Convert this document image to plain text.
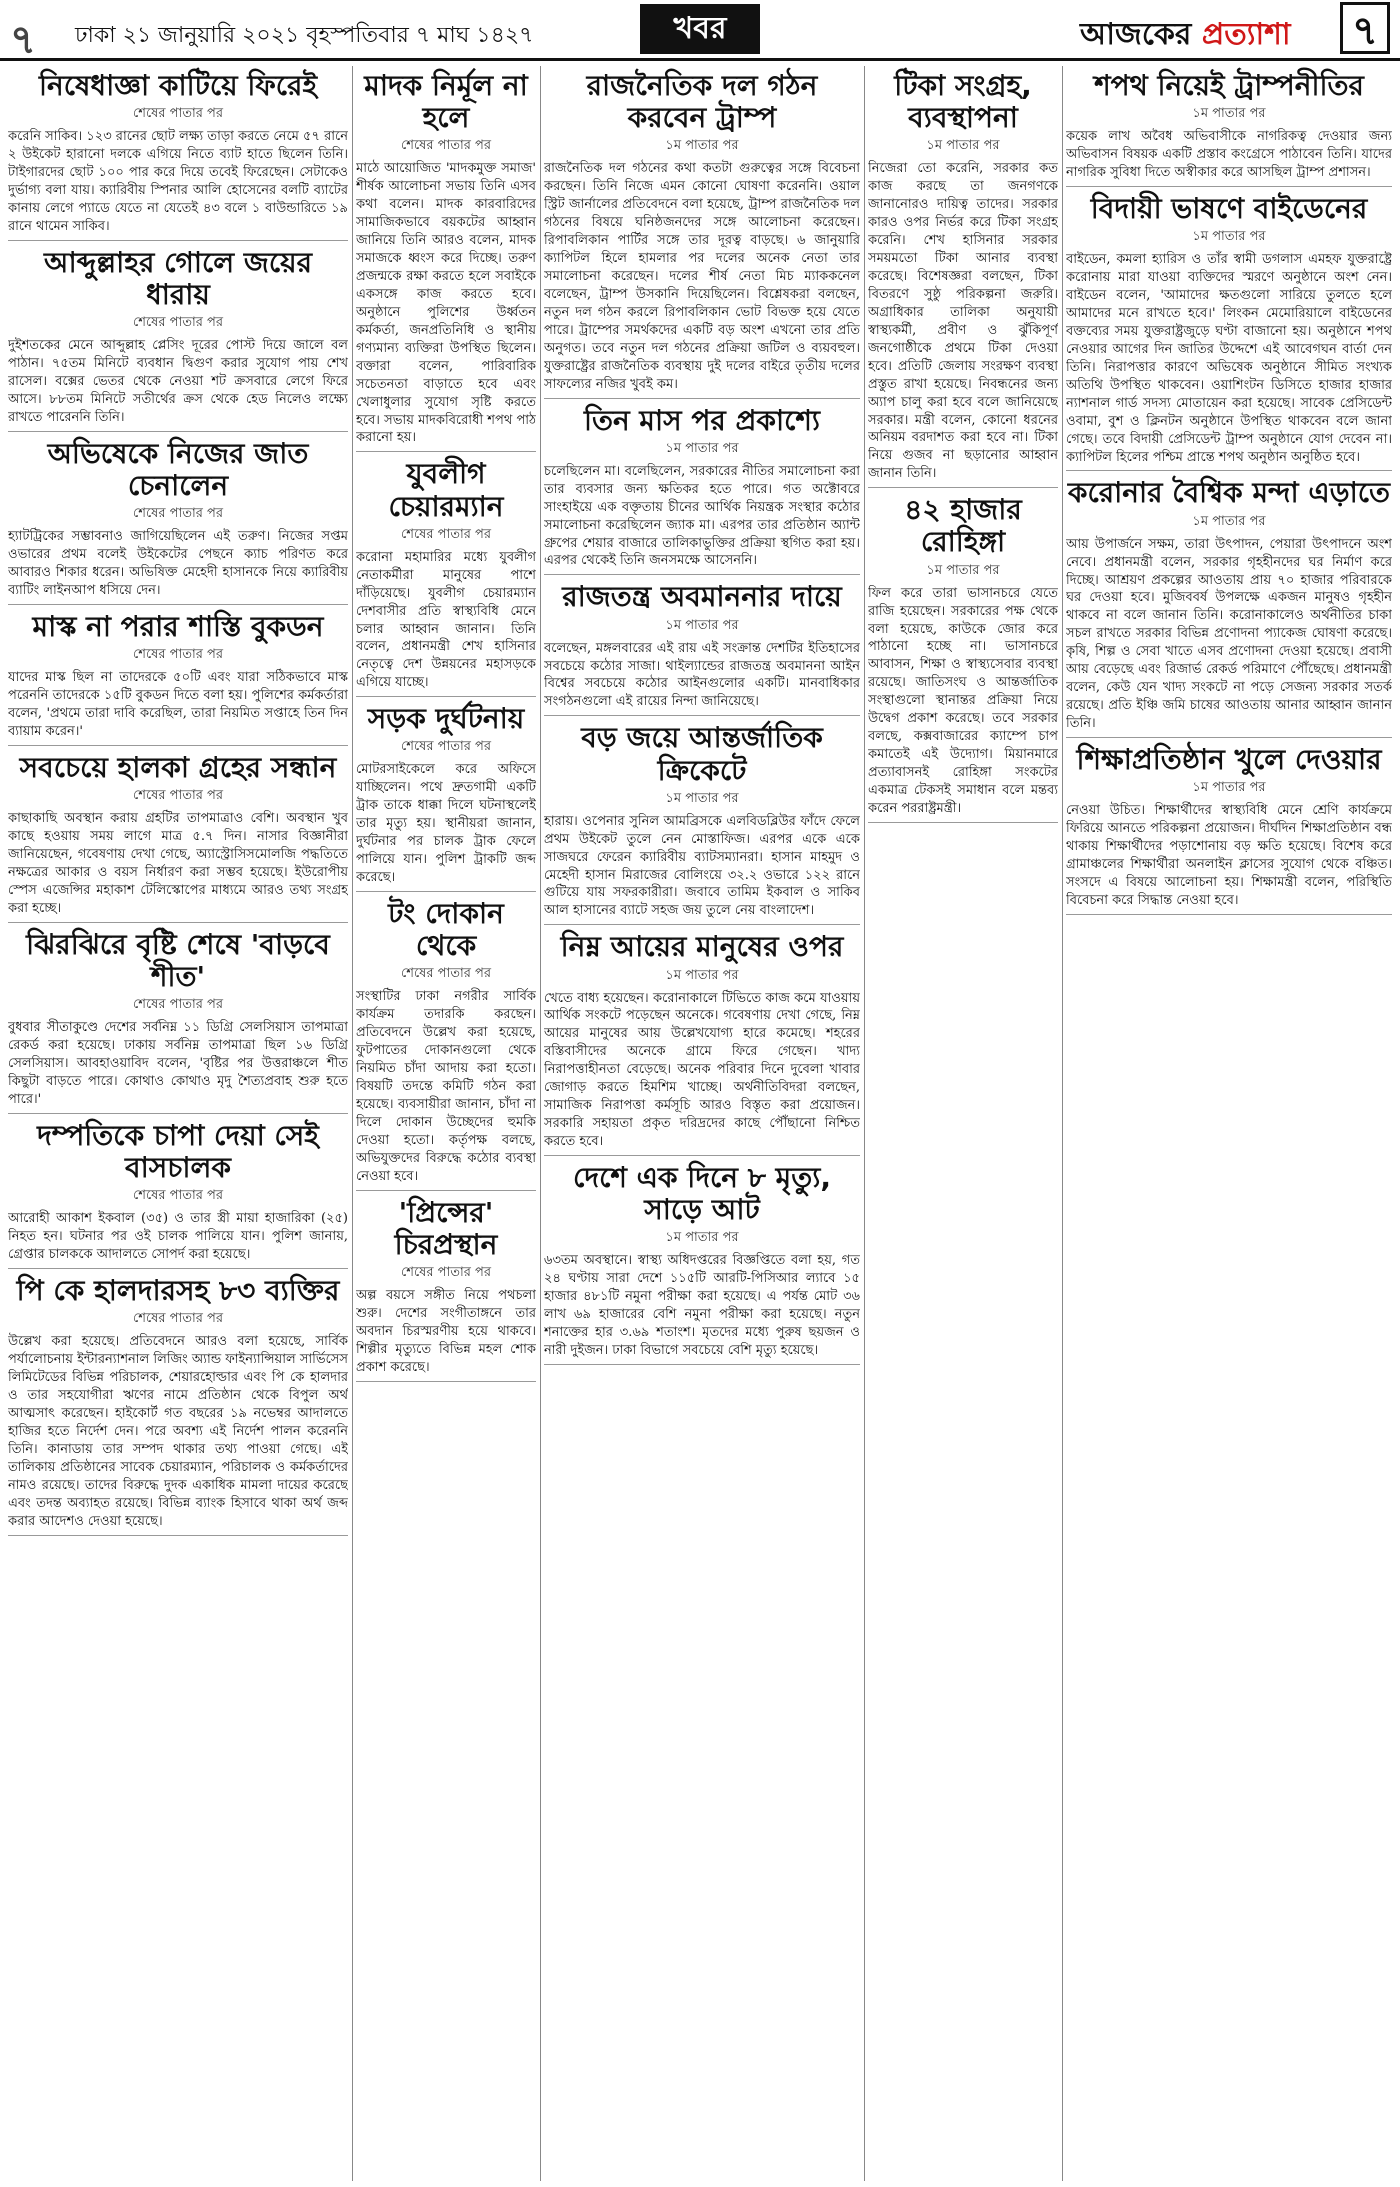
৭ ঢাকা ২১ জানুয়ারি ২০২১ বৃহস্পতিবার ৭ মাঘ ১৪২৭	খবর	আজকের প্রত্যাশা ৭
নিষেধাজ্ঞা কাটিয়ে ফিরেই
শেষের পাতার পর

করেনি সাকিব। ১২৩ রানের ছোট লক্ষ্য তাড়া করতে নেমে ৫৭ রানে ২ উইকেট হারানো দলকে এগিয়ে নিতে ব্যাট হাতে ছিলেন তিনি। টাইগারদের ছোট ১০০ পার করে দিয়ে তবেই ফিরেছেন। সেটাকেও দুর্ভাগ্য বলা যায়। ক্যারিবীয় স্পিনার আলি হোসেনের বলটি ব্যাটের কানায় লেগে প্যাডে যেতে না যেতেই ৪৩ বলে ১ বাউন্ডারিতে ১৯ রানে থামেন সাকিব।

আব্দুল্লাহর গোলে জয়ের ধারায়
শেষের পাতার পর

দুইশতকের মেনে আব্দুল্লাহ প্লেসিং দূরের পোস্ট দিয়ে জালে বল পাঠান। ৭৫তম মিনিটে ব্যবধান দ্বিগুণ করার সুযোগ পায় শেখ রাসেল। বক্সের ভেতর থেকে নেওয়া শট ক্রসবারে লেগে ফিরে আসে। ৮৮তম মিনিটে সতীর্থের ক্রস থেকে হেড নিলেও লক্ষ্যে রাখতে পারেননি তিনি।

অভিষেকে নিজের জাত চেনালেন
শেষের পাতার পর

হ্যাটট্রিকের সম্ভাবনাও জাগিয়েছিলেন এই তরুণ। নিজের সপ্তম ওভারের প্রথম বলেই উইকেটের পেছনে ক্যাচ পরিণত করে আবারও শিকার ধরেন। অভিষিক্ত মেহেদী হাসানকে নিয়ে ক্যারিবীয় ব্যাটিং লাইনআপ ধসিয়ে দেন।

মাস্ক না পরার শাস্তি বুকডন
শেষের পাতার পর

যাদের মাস্ক ছিল না তাদেরকে ৫০টি এবং যারা সঠিকভাবে মাস্ক পরেননি তাদেরকে ১৫টি বুকডন দিতে বলা হয়। পুলিশের কর্মকর্তারা বলেন, 'প্রথমে তারা দাবি করেছিল, তারা নিয়মিত সপ্তাহে তিন দিন ব্যায়াম করেন।'

সবচেয়ে হালকা গ্রহের সন্ধান
শেষের পাতার পর

কাছাকাছি অবস্থান করায় গ্রহটির তাপমাত্রাও বেশি। অবস্থান খুব কাছে হওয়ায় সময় লাগে মাত্র ৫.৭ দিন। নাসার বিজ্ঞানীরা জানিয়েছেন, গবেষণায় দেখা গেছে, অ্যাস্ট্রোসিসমোলজি পদ্ধতিতে নক্ষত্রের আকার ও বয়স নির্ধারণ করা সম্ভব হয়েছে। ইউরোপীয় স্পেস এজেন্সির মহাকাশ টেলিস্কোপের মাধ্যমে আরও তথ্য সংগ্রহ করা হচ্ছে।

ঝিরঝিরে বৃষ্টি শেষে 'বাড়বে শীত'
শেষের পাতার পর

বুধবার সীতাকুণ্ডে দেশের সর্বনিম্ন ১১ ডিগ্রি সেলসিয়াস তাপমাত্রা রেকর্ড করা হয়েছে। ঢাকায় সর্বনিম্ন তাপমাত্রা ছিল ১৬ ডিগ্রি সেলসিয়াস। আবহাওয়াবিদ বলেন, 'বৃষ্টির পর উত্তরাঞ্চলে শীত কিছুটা বাড়তে পারে। কোথাও কোথাও মৃদু শৈত্যপ্রবাহ শুরু হতে পারে।'

দম্পতিকে চাপা দেয়া সেই বাসচালক
শেষের পাতার পর

আরোহী আকাশ ইকবাল (৩৫) ও তার স্ত্রী মায়া হাজারিকা (২৫) নিহত হন। ঘটনার পর ওই চালক পালিয়ে যান। পুলিশ জানায়, গ্রেপ্তার চালককে আদালতে সোপর্দ করা হয়েছে।

পি কে হালদারসহ ৮৩ ব্যক্তির
শেষের পাতার পর

উল্লেখ করা হয়েছে। প্রতিবেদনে আরও বলা হয়েছে, সার্বিক পর্যালোচনায় ইন্টারন্যাশনাল লিজিং অ্যান্ড ফাইন্যান্সিয়াল সার্ভিসেস লিমিটেডের বিভিন্ন পরিচালক, শেয়ারহোল্ডার এবং পি কে হালদার ও তার সহযোগীরা ঋণের নামে প্রতিষ্ঠান থেকে বিপুল অর্থ আত্মসাৎ করেছেন। হাইকোর্ট গত বছরের ১৯ নভেম্বর আদালতে হাজির হতে নির্দেশ দেন। পরে অবশ্য এই নির্দেশ পালন করেননি তিনি। কানাডায় তার সম্পদ থাকার তথ্য পাওয়া গেছে। এই তালিকায় প্রতিষ্ঠানের সাবেক চেয়ারম্যান, পরিচালক ও কর্মকর্তাদের নামও রয়েছে। তাদের বিরুদ্ধে দুদক একাধিক মামলা দায়ের করেছে এবং তদন্ত অব্যাহত রয়েছে। বিভিন্ন ব্যাংক হিসাবে থাকা অর্থ জব্দ করার আদেশও দেওয়া হয়েছে।

মাদক নির্মূল না হলে
শেষের পাতার পর

মাঠে আয়োজিত 'মাদকমুক্ত সমাজ' শীর্ষক আলোচনা সভায় তিনি এসব কথা বলেন। মাদক কারবারিদের সামাজিকভাবে বয়কটের আহ্বান জানিয়ে তিনি আরও বলেন, মাদক সমাজকে ধ্বংস করে দিচ্ছে। তরুণ প্রজন্মকে রক্ষা করতে হলে সবাইকে একসঙ্গে কাজ করতে হবে। অনুষ্ঠানে পুলিশের উর্ধ্বতন কর্মকর্তা, জনপ্রতিনিধি ও স্থানীয় গণ্যমান্য ব্যক্তিরা উপস্থিত ছিলেন। বক্তারা বলেন, পারিবারিক সচেতনতা বাড়াতে হবে এবং খেলাধুলার সুযোগ সৃষ্টি করতে হবে। সভায় মাদকবিরোধী শপথ পাঠ করানো হয়।

যুবলীগ চেয়ারম্যান
শেষের পাতার পর

করোনা মহামারির মধ্যে যুবলীগ নেতাকর্মীরা মানুষের পাশে দাঁড়িয়েছে। যুবলীগ চেয়ারম্যান দেশবাসীর প্রতি স্বাস্থ্যবিধি মেনে চলার আহ্বান জানান। তিনি বলেন, প্রধানমন্ত্রী শেখ হাসিনার নেতৃত্বে দেশ উন্নয়নের মহাসড়কে এগিয়ে যাচ্ছে।

সড়ক দুর্ঘটনায়
শেষের পাতার পর

মোটরসাইকেলে করে অফিসে যাচ্ছিলেন। পথে দ্রুতগামী একটি ট্রাক তাকে ধাক্কা দিলে ঘটনাস্থলেই তার মৃত্যু হয়। স্থানীয়রা জানান, দুর্ঘটনার পর চালক ট্রাক ফেলে পালিয়ে যান। পুলিশ ট্রাকটি জব্দ করেছে।

টং দোকান থেকে
শেষের পাতার পর

সংস্থাটির ঢাকা নগরীর সার্বিক কার্যক্রম তদারকি করছেন। প্রতিবেদনে উল্লেখ করা হয়েছে, ফুটপাতের দোকানগুলো থেকে নিয়মিত চাঁদা আদায় করা হতো। বিষয়টি তদন্তে কমিটি গঠন করা হয়েছে। ব্যবসায়ীরা জানান, চাঁদা না দিলে দোকান উচ্ছেদের হুমকি দেওয়া হতো। কর্তৃপক্ষ বলছে, অভিযুক্তদের বিরুদ্ধে কঠোর ব্যবস্থা নেওয়া হবে।

'প্রিন্সের' চিরপ্রস্থান
শেষের পাতার পর

অল্প বয়সে সঙ্গীত নিয়ে পথচলা শুরু। দেশের সংগীতাঙ্গনে তার অবদান চিরস্মরণীয় হয়ে থাকবে। শিল্পীর মৃত্যুতে বিভিন্ন মহল শোক প্রকাশ করেছে।

রাজনৈতিক দল গঠন করবেন ট্রাম্প
১ম পাতার পর

রাজনৈতিক দল গঠনের কথা কতটা গুরুত্বের সঙ্গে বিবেচনা করছেন। তিনি নিজে এমন কোনো ঘোষণা করেননি। ওয়াল স্ট্রিট জার্নালের প্রতিবেদনে বলা হয়েছে, ট্রাম্প রাজনৈতিক দল গঠনের বিষয়ে ঘনিষ্ঠজনদের সঙ্গে আলোচনা করেছেন। রিপাবলিকান পার্টির সঙ্গে তার দূরত্ব বাড়ছে। ৬ জানুয়ারি ক্যাপিটল হিলে হামলার পর দলের অনেক নেতা তার সমালোচনা করেছেন। দলের শীর্ষ নেতা মিচ ম্যাককনেল বলেছেন, ট্রাম্প উসকানি দিয়েছিলেন। বিশ্লেষকরা বলছেন, নতুন দল গঠন করলে রিপাবলিকান ভোট বিভক্ত হয়ে যেতে পারে। ট্রাম্পের সমর্থকদের একটি বড় অংশ এখনো তার প্রতি অনুগত। তবে নতুন দল গঠনের প্রক্রিয়া জটিল ও ব্যয়বহুল। যুক্তরাষ্ট্রের রাজনৈতিক ব্যবস্থায় দুই দলের বাইরে তৃতীয় দলের সাফল্যের নজির খুবই কম।

তিন মাস পর প্রকাশ্যে
১ম পাতার পর

চলেছিলেন মা। বলেছিলেন, সরকারের নীতির সমালোচনা করা তার ব্যবসার জন্য ক্ষতিকর হতে পারে। গত অক্টোবরে সাংহাইয়ে এক বক্তৃতায় চীনের আর্থিক নিয়ন্ত্রক সংস্থার কঠোর সমালোচনা করেছিলেন জ্যাক মা। এরপর তার প্রতিষ্ঠান অ্যান্ট গ্রুপের শেয়ার বাজারে তালিকাভুক্তির প্রক্রিয়া স্থগিত করা হয়। এরপর থেকেই তিনি জনসমক্ষে আসেননি।

রাজতন্ত্র অবমাননার দায়ে
১ম পাতার পর

বলেছেন, মঙ্গলবারের এই রায় এই সংক্রান্ত দেশটির ইতিহাসের সবচেয়ে কঠোর সাজা। থাইল্যান্ডের রাজতন্ত্র অবমাননা আইন বিশ্বের সবচেয়ে কঠোর আইনগুলোর একটি। মানবাধিকার সংগঠনগুলো এই রায়ের নিন্দা জানিয়েছে।

বড় জয়ে আন্তর্জাতিক ক্রিকেটে
১ম পাতার পর

হারায়। ওপেনার সুনিল আমব্রিসকে এলবিডব্লিউর ফাঁদে ফেলে প্রথম উইকেট তুলে নেন মোস্তাফিজ। এরপর একে একে সাজঘরে ফেরেন ক্যারিবীয় ব্যাটসম্যানরা। হাসান মাহমুদ ও মেহেদী হাসান মিরাজের বোলিংয়ে ৩২.২ ওভারে ১২২ রানে গুটিয়ে যায় সফরকারীরা। জবাবে তামিম ইকবাল ও সাকিব আল হাসানের ব্যাটে সহজ জয় তুলে নেয় বাংলাদেশ।

নিম্ন আয়ের মানুষের ওপর
১ম পাতার পর

খেতে বাধ্য হয়েছেন। করোনাকালে টিভিতে কাজ কমে যাওয়ায় আর্থিক সংকটে পড়েছেন অনেকে। গবেষণায় দেখা গেছে, নিম্ন আয়ের মানুষের আয় উল্লেখযোগ্য হারে কমেছে। শহরের বস্তিবাসীদের অনেকে গ্রামে ফিরে গেছেন। খাদ্য নিরাপত্তাহীনতা বেড়েছে। অনেক পরিবার দিনে দুবেলা খাবার জোগাড় করতে হিমশিম খাচ্ছে। অর্থনীতিবিদরা বলছেন, সামাজিক নিরাপত্তা কর্মসূচি আরও বিস্তৃত করা প্রয়োজন। সরকারি সহায়তা প্রকৃত দরিদ্রদের কাছে পৌঁছানো নিশ্চিত করতে হবে।

দেশে এক দিনে ৮ মৃত্যু, সাড়ে আট
১ম পাতার পর

৬৩তম অবস্থানে। স্বাস্থ্য অধিদপ্তরের বিজ্ঞপ্তিতে বলা হয়, গত ২৪ ঘণ্টায় সারা দেশে ১১৫টি আরটি-পিসিআর ল্যাবে ১৫ হাজার ৪৮১টি নমুনা পরীক্ষা করা হয়েছে। এ পর্যন্ত মোট ৩৬ লাখ ৬৯ হাজারের বেশি নমুনা পরীক্ষা করা হয়েছে। নতুন শনাক্তের হার ৩.৬৯ শতাংশ। মৃতদের মধ্যে পুরুষ ছয়জন ও নারী দুইজন। ঢাকা বিভাগে সবচেয়ে বেশি মৃত্যু হয়েছে।

টিকা সংগ্রহ, ব্যবস্থাপনা
১ম পাতার পর

নিজেরা তো করেনি, সরকার কত কাজ করছে তা জনগণকে জানানোরও দায়িত্ব তাদের। সরকার কারও ওপর নির্ভর করে টিকা সংগ্রহ করেনি। শেখ হাসিনার সরকার সময়মতো টিকা আনার ব্যবস্থা করেছে। বিশেষজ্ঞরা বলছেন, টিকা বিতরণে সুষ্ঠু পরিকল্পনা জরুরি। অগ্রাধিকার তালিকা অনুযায়ী স্বাস্থ্যকর্মী, প্রবীণ ও ঝুঁকিপূর্ণ জনগোষ্ঠীকে প্রথমে টিকা দেওয়া হবে। প্রতিটি জেলায় সংরক্ষণ ব্যবস্থা প্রস্তুত রাখা হয়েছে। নিবন্ধনের জন্য অ্যাপ চালু করা হবে বলে জানিয়েছে সরকার। মন্ত্রী বলেন, কোনো ধরনের অনিয়ম বরদাশত করা হবে না। টিকা নিয়ে গুজব না ছড়ানোর আহ্বান জানান তিনি।

৪২ হাজার রোহিঙ্গা
১ম পাতার পর

ফিল করে তারা ভাসানচরে যেতে রাজি হয়েছেন। সরকারের পক্ষ থেকে বলা হয়েছে, কাউকে জোর করে পাঠানো হচ্ছে না। ভাসানচরে আবাসন, শিক্ষা ও স্বাস্থ্যসেবার ব্যবস্থা রয়েছে। জাতিসংঘ ও আন্তর্জাতিক সংস্থাগুলো স্থানান্তর প্রক্রিয়া নিয়ে উদ্বেগ প্রকাশ করেছে। তবে সরকার বলছে, কক্সবাজারের ক্যাম্পে চাপ কমাতেই এই উদ্যোগ। মিয়ানমারে প্রত্যাবাসনই রোহিঙ্গা সংকটের একমাত্র টেকসই সমাধান বলে মন্তব্য করেন পররাষ্ট্রমন্ত্রী।

শপথ নিয়েই ট্রাম্পনীতির
১ম পাতার পর

কয়েক লাখ অবৈধ অভিবাসীকে নাগরিকত্ব দেওয়ার জন্য অভিবাসন বিষয়ক একটি প্রস্তাব কংগ্রেসে পাঠাবেন তিনি। যাদের নাগরিক সুবিধা দিতে অস্বীকার করে আসছিল ট্রাম্প প্রশাসন।

বিদায়ী ভাষণে বাইডেনের
১ম পাতার পর

বাইডেন, কমলা হ্যারিস ও তাঁর স্বামী ডগলাস এমহফ যুক্তরাষ্ট্রে করোনায় মারা যাওয়া ব্যক্তিদের স্মরণে অনুষ্ঠানে অংশ নেন। বাইডেন বলেন, 'আমাদের ক্ষতগুলো সারিয়ে তুলতে হলে আমাদের মনে রাখতে হবে।' লিংকন মেমোরিয়ালে বাইডেনের বক্তব্যের সময় যুক্তরাষ্ট্রজুড়ে ঘণ্টা বাজানো হয়। অনুষ্ঠানে শপথ নেওয়ার আগের দিন জাতির উদ্দেশে এই আবেগঘন বার্তা দেন তিনি। নিরাপত্তার কারণে অভিষেক অনুষ্ঠানে সীমিত সংখ্যক অতিথি উপস্থিত থাকবেন। ওয়াশিংটন ডিসিতে হাজার হাজার ন্যাশনাল গার্ড সদস্য মোতায়েন করা হয়েছে। সাবেক প্রেসিডেন্ট ওবামা, বুশ ও ক্লিনটন অনুষ্ঠানে উপস্থিত থাকবেন বলে জানা গেছে। তবে বিদায়ী প্রেসিডেন্ট ট্রাম্প অনুষ্ঠানে যোগ দেবেন না। ক্যাপিটল হিলের পশ্চিম প্রান্তে শপথ অনুষ্ঠান অনুষ্ঠিত হবে।

করোনার বৈশ্বিক মন্দা এড়াতে
১ম পাতার পর

আয় উপার্জনে সক্ষম, তারা উৎপাদন, পেয়ারা উৎপাদনে অংশ নেবে। প্রধানমন্ত্রী বলেন, সরকার গৃহহীনদের ঘর নির্মাণ করে দিচ্ছে। আশ্রয়ণ প্রকল্পের আওতায় প্রায় ৭০ হাজার পরিবারকে ঘর দেওয়া হবে। মুজিববর্ষ উপলক্ষে একজন মানুষও গৃহহীন থাকবে না বলে জানান তিনি। করোনাকালেও অর্থনীতির চাকা সচল রাখতে সরকার বিভিন্ন প্রণোদনা প্যাকেজ ঘোষণা করেছে। কৃষি, শিল্প ও সেবা খাতে এসব প্রণোদনা দেওয়া হয়েছে। প্রবাসী আয় বেড়েছে এবং রিজার্ভ রেকর্ড পরিমাণে পৌঁছেছে। প্রধানমন্ত্রী বলেন, কেউ যেন খাদ্য সংকটে না পড়ে সেজন্য সরকার সতর্ক রয়েছে। প্রতি ইঞ্চি জমি চাষের আওতায় আনার আহ্বান জানান তিনি।

শিক্ষাপ্রতিষ্ঠান খুলে দেওয়ার
১ম পাতার পর

নেওয়া উচিত। শিক্ষার্থীদের স্বাস্থ্যবিধি মেনে শ্রেণি কার্যক্রমে ফিরিয়ে আনতে পরিকল্পনা প্রয়োজন। দীর্ঘদিন শিক্ষাপ্রতিষ্ঠান বন্ধ থাকায় শিক্ষার্থীদের পড়াশোনায় বড় ক্ষতি হয়েছে। বিশেষ করে গ্রামাঞ্চলের শিক্ষার্থীরা অনলাইন ক্লাসের সুযোগ থেকে বঞ্চিত। সংসদে এ বিষয়ে আলোচনা হয়। শিক্ষামন্ত্রী বলেন, পরিস্থিতি বিবেচনা করে সিদ্ধান্ত নেওয়া হবে।
